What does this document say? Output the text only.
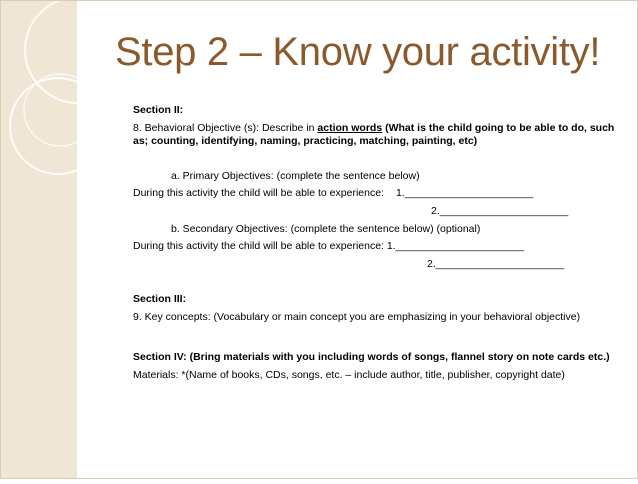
Step 2 – Know your activity!
Section II:
8. Behavioral Objective (s): Describe in action words (What is the child going to be able to do, such as; counting, identifying, naming, practicing, matching, painting, etc)
a. Primary Objectives: (complete the sentence below)
During this activity the child will be able to experience: 1.______________________
2.______________________
b. Secondary Objectives: (complete the sentence below) (optional)
During this activity the child will be able to experience: 1.______________________
2.______________________
Section III:
9. Key concepts: (Vocabulary or main concept you are emphasizing in your behavioral objective)
Section IV: (Bring materials with you including words of songs, flannel story on note cards etc.)
Materials: *(Name of books, CDs, songs, etc. – include author, title, publisher, copyright date)
